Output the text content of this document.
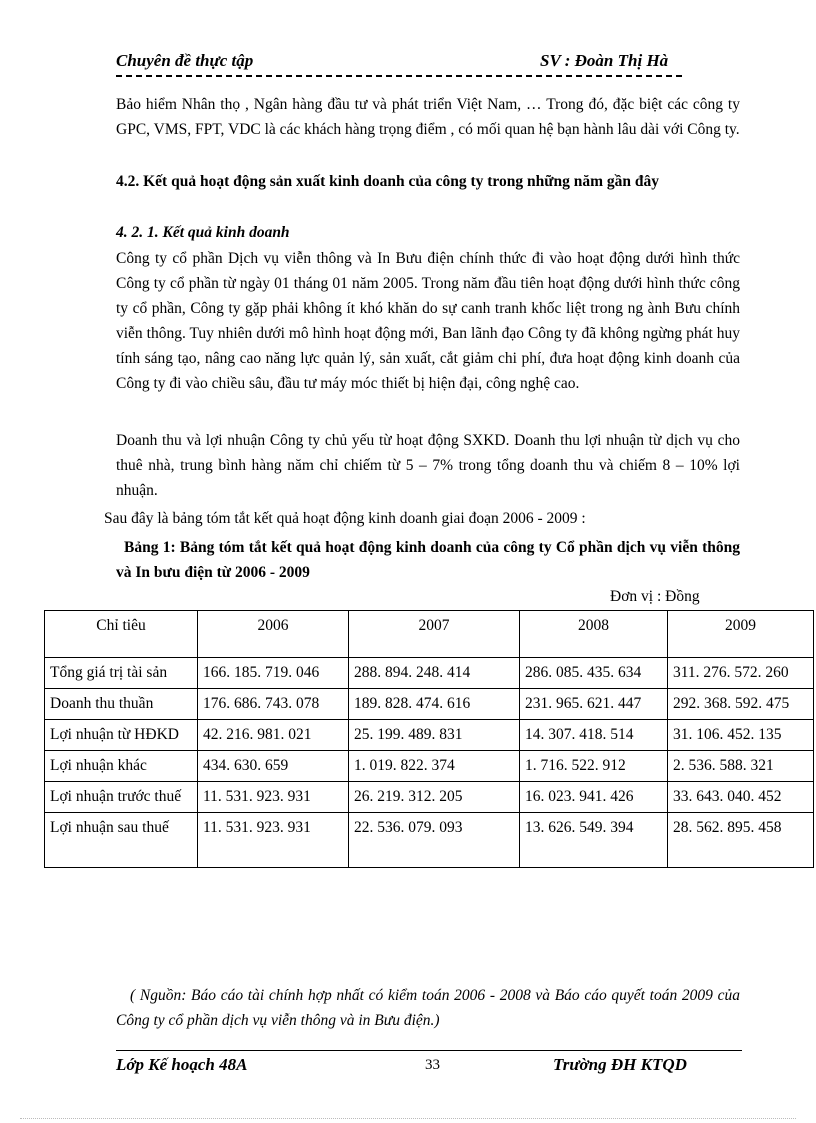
Chuyên đề thực tập	SV : Đoàn Thị Hà
Bảo hiểm Nhân thọ , Ngân hàng đầu tư và phát triển Việt Nam, … Trong đó, đặc biệt các công ty GPC, VMS, FPT, VDC là các khách hàng trọng điểm , có mối quan hệ bạn hành lâu dài với Công ty.
4.2. Kết quả hoạt động sản xuất kinh doanh của công ty trong những năm gần đây
4. 2. 1. Kết quả kinh doanh
Công ty cổ phần Dịch vụ viễn thông và In Bưu điện chính thức đi vào hoạt động dưới hình thức Công ty cổ phần từ ngày 01 tháng 01 năm 2005. Trong năm đầu tiên hoạt động dưới hình thức công ty cổ phần, Công ty gặp phải không ít khó khăn do sự canh tranh khốc liệt trong ng ành Bưu chính viễn thông. Tuy nhiên dưới mô hình hoạt động mới, Ban lãnh đạo Công ty đã không ngừng phát huy tính sáng tạo, nâng cao năng lực quản lý, sản xuất, cắt giảm chi phí, đưa hoạt động kinh doanh của Công ty đi vào chiều sâu, đầu tư máy móc thiết bị hiện đại, công nghệ cao.
Doanh thu và lợi nhuận Công ty chủ yếu từ hoạt động SXKD. Doanh thu lợi nhuận từ dịch vụ cho thuê nhà, trung bình hàng năm chỉ chiếm từ 5 – 7% trong tổng doanh thu và chiếm 8 – 10% lợi nhuận.
Sau đây là bảng tóm tắt kết quả hoạt động kinh doanh giai đoạn 2006 - 2009 :
Bảng 1: Bảng tóm tắt kết quả hoạt động kinh doanh của công ty Cổ phần dịch vụ viễn thông và In bưu điện từ 2006 - 2009
Đơn vị : Đồng
Chỉ tiêu	2006	2007	2008	2009
Tổng giá trị tài sản	166. 185. 719. 046	288. 894. 248. 414	286. 085. 435. 634	311. 276. 572. 260
Doanh thu thuần	176. 686. 743. 078	189. 828. 474. 616	231. 965. 621. 447	292. 368. 592. 475
Lợi nhuận từ HĐKD	42. 216. 981. 021	25. 199. 489. 831	14. 307. 418. 514	31. 106. 452. 135
Lợi nhuận khác	434. 630. 659	1. 019. 822. 374	1. 716. 522. 912	2. 536. 588. 321
Lợi nhuận trước thuế	11. 531. 923. 931	26. 219. 312. 205	16. 023. 941. 426	33. 643. 040. 452
Lợi nhuận sau thuế	11. 531. 923. 931	22. 536. 079. 093	13. 626. 549. 394	28. 562. 895. 458
( Nguồn: Báo cáo tài chính hợp nhất có kiểm toán 2006 - 2008 và Báo cáo quyết toán 2009 của Công ty cổ phần dịch vụ viễn thông và in Bưu điện.)
Lớp Kế hoạch 48A	33	Trường ĐH KTQD
